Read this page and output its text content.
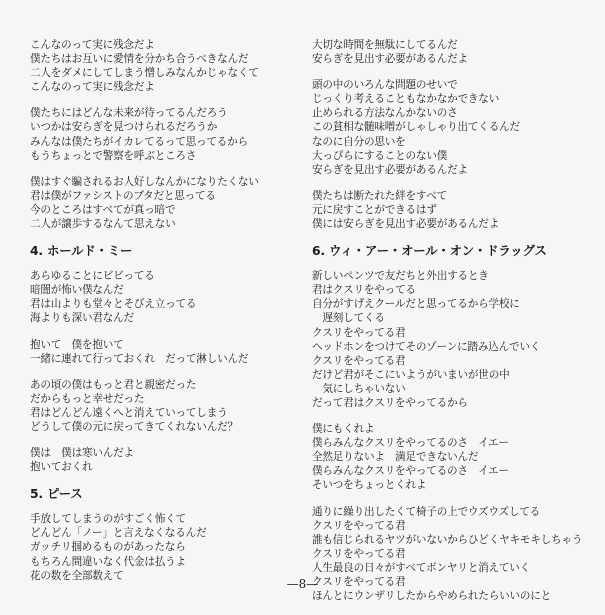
こんなのって実に残念だよ
僕たちはお互いに愛情を分かち合うべきなんだ
二人をダメにしてしまう憎しみなんかじゃなくて
こんなのって実に残念だよ
僕たちにはどんな未来が待ってるんだろう
いつかは安らぎを見つけられるだろうか
みんなは僕たちがイカレてるって思ってるから
もうちょっとで警察を呼ぶところさ
僕はすぐ騙されるお人好しなんかになりたくない
君は僕がファシストのブタだと思ってる
今のところはすべてが真っ暗で
二人が譲歩するなんて思えない
4. ホールド・ミー
あらゆることにビビってる
暗闇が怖い僕なんだ
君は山よりも堂々とそびえ立ってる
海よりも深い君なんだ
抱いて　僕を抱いて
一緒に連れて行っておくれ　だって淋しいんだ
あの頃の僕はもっと君と親密だった
だからもっと幸せだった
君はどんどん遠くへと消えていってしまう
どうして僕の元に戻ってきてくれないんだ？
僕は　僕は寒いんだよ
抱いておくれ
5. ピース
手放してしまうのがすごく怖くて
どんどん「ノー」と言えなくなるんだ
ガッチリ掴めるものがあったなら
もちろん間違いなく代金は払うよ
花の数を全部数えて
大切な時間を無駄にしてるんだ
安らぎを見出す必要があるんだよ
頭の中のいろんな問題のせいで
じっくり考えることもなかなかできない
止められる方法なんかないのさ
この貧相な髄味噌がしゃしゃり出てくるんだ
なのに自分の思いを
大っぴらにすることのない僕
安らぎを見出す必要があるんだよ
僕たちは断たれた絆をすべて
元に戻すことができるはず
僕には安らぎを見出す必要があるんだよ
6. ウィ・アー・オール・オン・ドラッグス
新しいペンツで友だちと外出するとき
君はクスリをやってる
自分がすげえクールだと思ってるから学校に
　遅刻してくる
クスリをやってる君
ヘッドホンをつけてそのゾーンに踏み込んでいく
クスリをやってる君
だけど君がそこにいようがいまいが世の中
　気にしちゃいない
だって君はクスリをやってるから
僕にもくれよ
僕らみんなクスリをやってるのさ　イエー
全然足りないよ　満足できないんだ
僕らみんなクスリをやってるのさ　イエー
そいつをちょっとくれよ
通りに繰り出したくて椅子の上でウズウズしてる
クスリをやってる君
誰も信じられるヤツがいないからひどくヤキモキしちゃう
クスリをやってる君
人生最良の日々がすべてボンヤリと消えていく
クスリをやってる君
ほんとにウンザリしたからやめられたらいいのにと
—8—
